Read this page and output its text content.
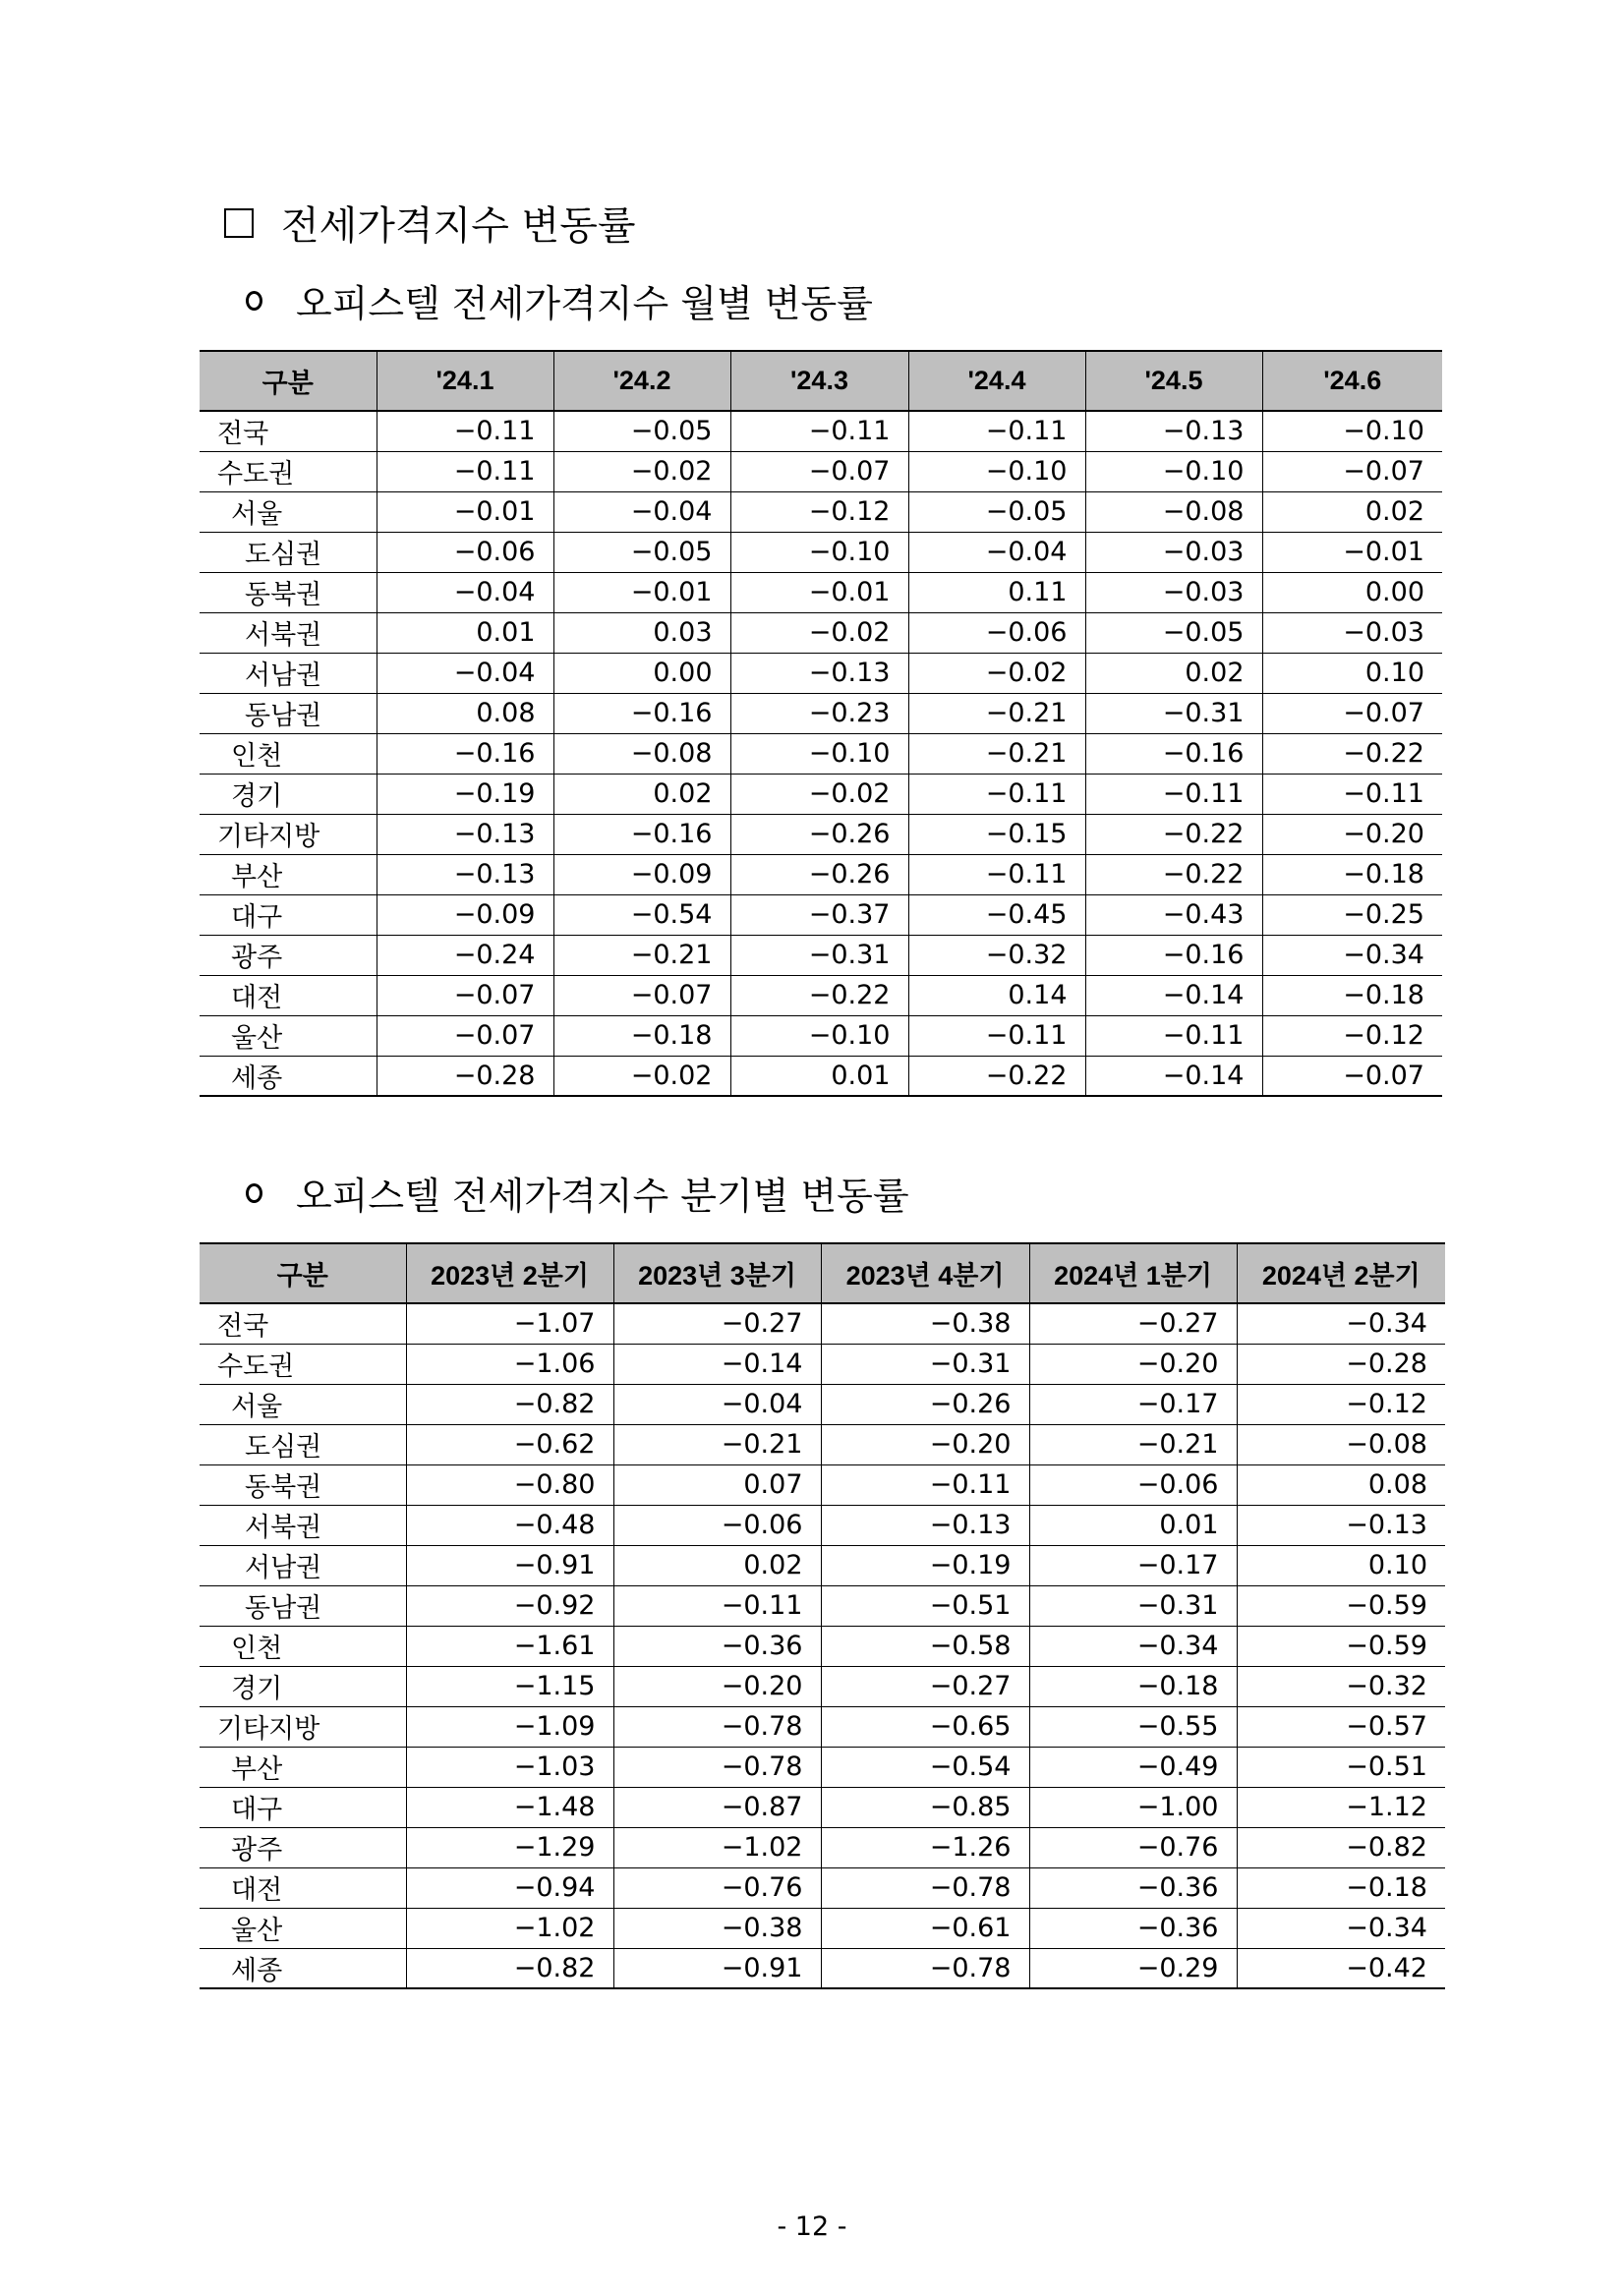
전세가격지수 변동률
오피스텔 전세가격지수 월별 변동률
구분	'24.1	'24.2	'24.3	'24.4	'24.5	'24.6
전국	−0.11	−0.05	−0.11	−0.11	−0.13	−0.10
수도권	−0.11	−0.02	−0.07	−0.10	−0.10	−0.07
서울	−0.01	−0.04	−0.12	−0.05	−0.08	0.02
도심권	−0.06	−0.05	−0.10	−0.04	−0.03	−0.01
동북권	−0.04	−0.01	−0.01	0.11	−0.03	0.00
서북권	0.01	0.03	−0.02	−0.06	−0.05	−0.03
서남권	−0.04	0.00	−0.13	−0.02	0.02	0.10
동남권	0.08	−0.16	−0.23	−0.21	−0.31	−0.07
인천	−0.16	−0.08	−0.10	−0.21	−0.16	−0.22
경기	−0.19	0.02	−0.02	−0.11	−0.11	−0.11
기타지방	−0.13	−0.16	−0.26	−0.15	−0.22	−0.20
부산	−0.13	−0.09	−0.26	−0.11	−0.22	−0.18
대구	−0.09	−0.54	−0.37	−0.45	−0.43	−0.25
광주	−0.24	−0.21	−0.31	−0.32	−0.16	−0.34
대전	−0.07	−0.07	−0.22	0.14	−0.14	−0.18
울산	−0.07	−0.18	−0.10	−0.11	−0.11	−0.12
세종	−0.28	−0.02	0.01	−0.22	−0.14	−0.07
오피스텔 전세가격지수 분기별 변동률
구분	2023년 2분기	2023년 3분기	2023년 4분기	2024년 1분기	2024년 2분기
전국	−1.07	−0.27	−0.38	−0.27	−0.34
수도권	−1.06	−0.14	−0.31	−0.20	−0.28
서울	−0.82	−0.04	−0.26	−0.17	−0.12
도심권	−0.62	−0.21	−0.20	−0.21	−0.08
동북권	−0.80	0.07	−0.11	−0.06	0.08
서북권	−0.48	−0.06	−0.13	0.01	−0.13
서남권	−0.91	0.02	−0.19	−0.17	0.10
동남권	−0.92	−0.11	−0.51	−0.31	−0.59
인천	−1.61	−0.36	−0.58	−0.34	−0.59
경기	−1.15	−0.20	−0.27	−0.18	−0.32
기타지방	−1.09	−0.78	−0.65	−0.55	−0.57
부산	−1.03	−0.78	−0.54	−0.49	−0.51
대구	−1.48	−0.87	−0.85	−1.00	−1.12
광주	−1.29	−1.02	−1.26	−0.76	−0.82
대전	−0.94	−0.76	−0.78	−0.36	−0.18
울산	−1.02	−0.38	−0.61	−0.36	−0.34
세종	−0.82	−0.91	−0.78	−0.29	−0.42
- 12 -
